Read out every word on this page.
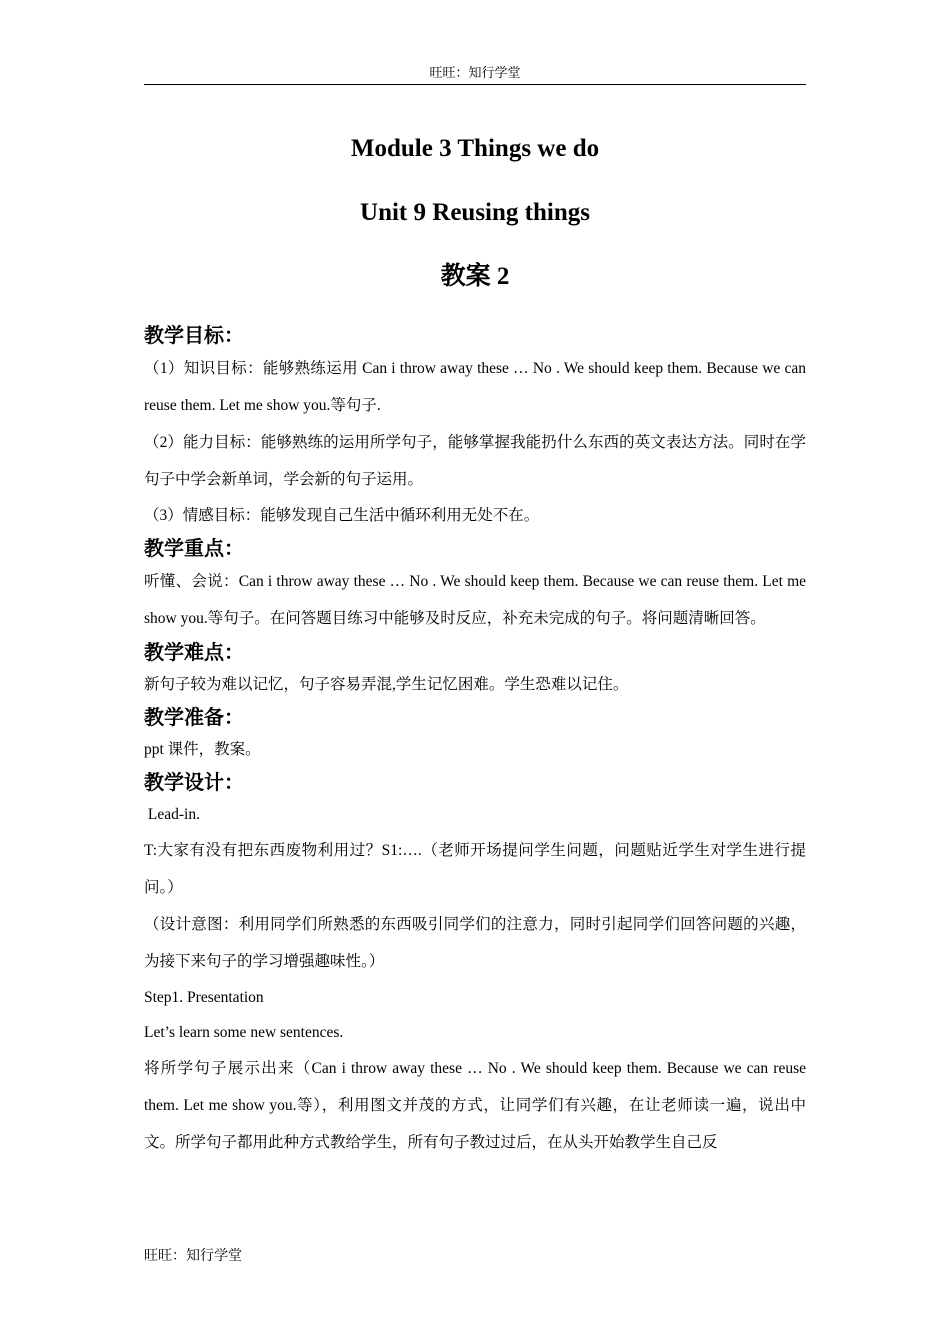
旺旺：知行学堂
Module 3 Things we do
Unit 9 Reusing things
教案 2
教学目标：

（1）知识目标：能够熟练运用 Can i throw away these … No . We should keep them. Because we can reuse them. Let me show you.等句子.

（2）能力目标：能够熟练的运用所学句子，能够掌握我能扔什么东西的英文表达方法。同时在学句子中学会新单词，学会新的句子运用。

（3）情感目标：能够发现自己生活中循环利用无处不在。

教学重点：

听懂、会说：Can i throw away these … No . We should keep them. Because we can reuse them. Let me show you.等句子。在问答题目练习中能够及时反应，补充未完成的句子。将问题清晰回答。

教学难点：

新句子较为难以记忆，句子容易弄混,学生记忆困难。学生恐难以记住。

教学准备：

ppt 课件，教案。

教学设计：

Lead-in.

T:大家有没有把东西废物利用过？S1:….（老师开场提问学生问题，问题贴近学生对学生进行提问。）

（设计意图：利用同学们所熟悉的东西吸引同学们的注意力，同时引起同学们回答问题的兴趣，为接下来句子的学习增强趣味性。）

Step1. Presentation

Let’s learn some new sentences.

将所学句子展示出来（Can i throw away these … No . We should keep them. Because we can reuse them. Let me show you.等），利用图文并茂的方式，让同学们有兴趣，在让老师读一遍，说出中文。所学句子都用此种方式教给学生，所有句子教过过后，在从头开始教学生自己反

旺旺：知行学堂
